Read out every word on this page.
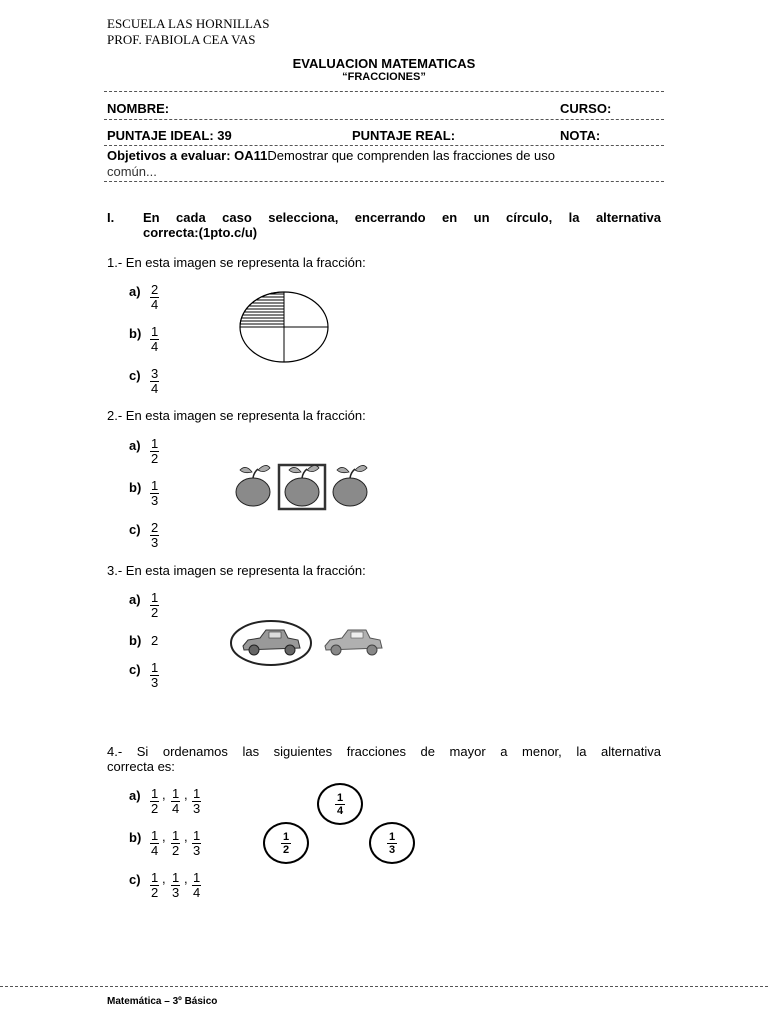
ESCUELA LAS HORNILLAS
PROF. FABIOLA CEA VAS
EVALUACION MATEMATICAS
“FRACCIONES”
NOMBRE:	CURSO:
PUNTAJE IDEAL: 39	PUNTAJE REAL:	NOTA:
Objetivos a evaluar: OA11Demostrar que comprenden las fracciones de uso
común...
I. En cada caso selecciona, encerrando en un círculo, la alternativa
correcta:(1pto.c/u)
1.- En esta imagen se representa la fracción:
$a) \frac{2}{4}$
$b) \frac{1}{4}$
$c) \frac{3}{4}$
2.- En esta imagen se representa la fracción:
$a) \frac{1}{2}$
$b) \frac{1}{3}$
$c) \frac{2}{3}$
3.- En esta imagen se representa la fracción:
$a) \frac{1}{2}$
b) 2
$c) \frac{1}{3}$
4.- Si ordenamos las siguientes fracciones de mayor a menor, la alternativa
correcta es:
$a) \frac{1}{2}$ , $\frac{1}{4}$ , $\frac{1}{3}$
$b) \frac{1}{4}$ , $\frac{1}{2}$ , $\frac{1}{3}$
$c) \frac{1}{2}$ , $\frac{1}{3}$ , $\frac{1}{4}$
$\frac{1}{4}$
$\frac{1}{2}$	$\frac{1}{3}$
Matemática – 3º Básico
